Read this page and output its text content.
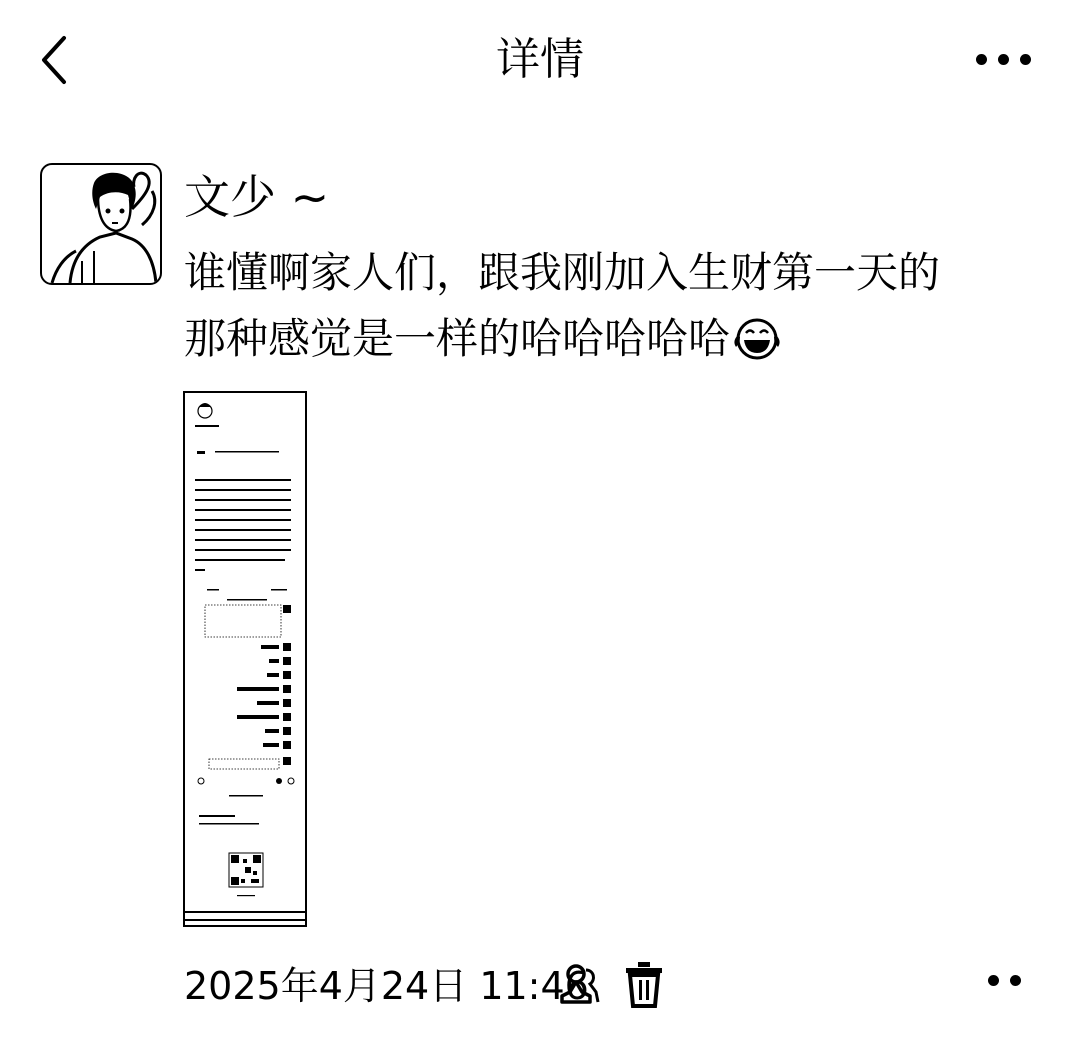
详情
文少 ~
谁懂啊家人们，跟我刚加入生财第一天的
那种感觉是一样的哈哈哈哈哈
2025年4月24日 11:46
